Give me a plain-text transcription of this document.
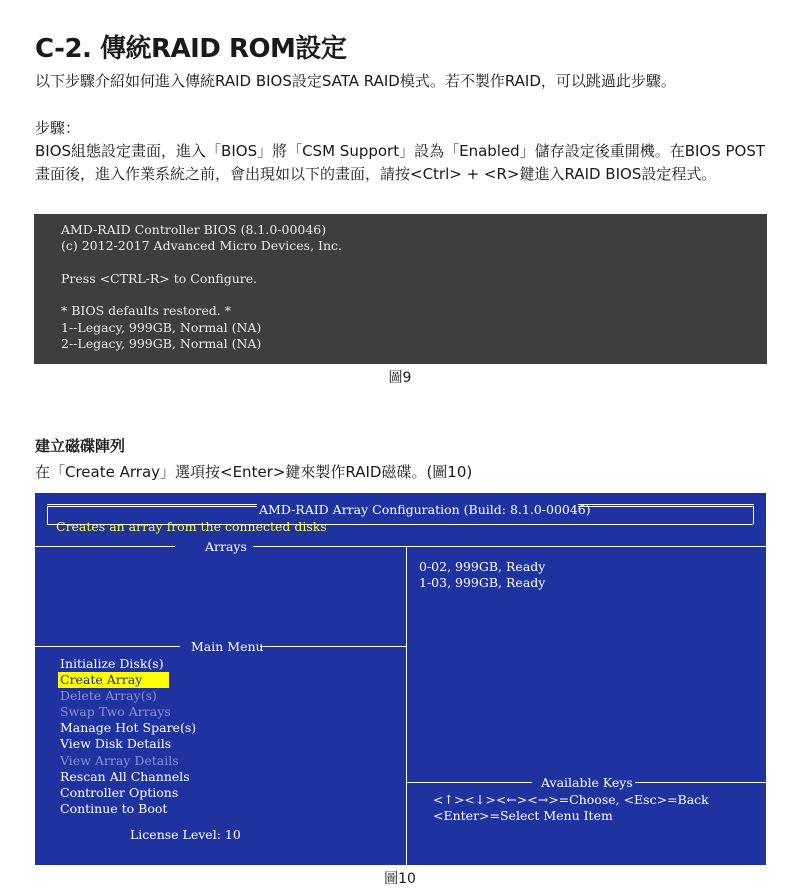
C-2. 傳統RAID ROM設定
以下步驟介紹如何進入傳統RAID BIOS設定SATA RAID模式。若不製作RAID，可以跳過此步驟。
步驟：
BIOS組態設定畫面，進入「BIOS」將「CSM Support」設為「Enabled」儲存設定後重開機。在BIOS POST畫面後，進入作業系統之前，會出現如以下的畫面，請按<Ctrl> + <R>鍵進入RAID BIOS設定程式。
AMD-RAID Controller BIOS (8.1.0-00046)
(c) 2012-2017 Advanced Micro Devices, Inc.
Press <CTRL-R> to Configure.
* BIOS defaults restored. *
1--Legacy, 999GB, Normal (NA)
2--Legacy, 999GB, Normal (NA)
圖9
建立磁碟陣列
在「Create Array」選項按<Enter>鍵來製作RAID磁碟。(圖10)
AMD-RAID Array Configuration (Build: 8.1.0-00046)
Creates an array from the connected disks
Arrays
0-02, 999GB, Ready
1-03, 999GB, Ready
Main Menu
Initialize Disk(s)
Create Array
Delete Array(s)
Swap Two Arrays
Manage Hot Spare(s)
View Disk Details
View Array Details
Rescan All Channels
Controller Options
Continue to Boot
License Level: 10
Available Keys
<↑><↓><←><→>=Choose, <Esc>=Back
<Enter>=Select Menu Item
圖10
